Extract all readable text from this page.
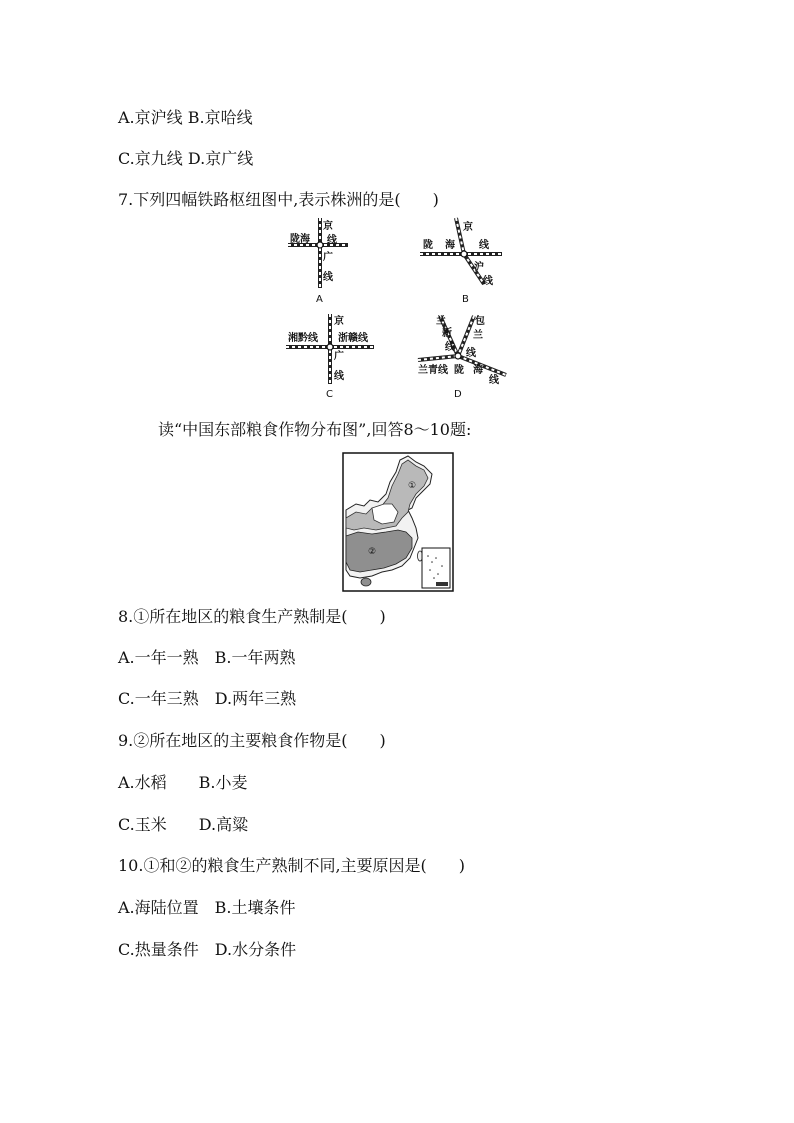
A.京沪线 B.京哈线
C.京九线 D.京广线
7.下列四幅铁路枢纽图中,表示株洲的是(　　)
京
陇海 线
广
线
A
京
陇 海 线
沪
线
B
京
湘黔线 浙赣线
广
线
C
兰
新
线
包
兰
线
兰青线 陇 海
线
D
读“中国东部粮食作物分布图”,回答8～10题:
①
②
8.①所在地区的粮食生产熟制是(　　)
A.一年一熟　B.一年两熟
C.一年三熟　D.两年三熟
9.②所在地区的主要粮食作物是(　　)
A.水稻　　B.小麦
C.玉米　　D.高粱
10.①和②的粮食生产熟制不同,主要原因是(　　)
A.海陆位置　B.土壤条件
C.热量条件　D.水分条件
